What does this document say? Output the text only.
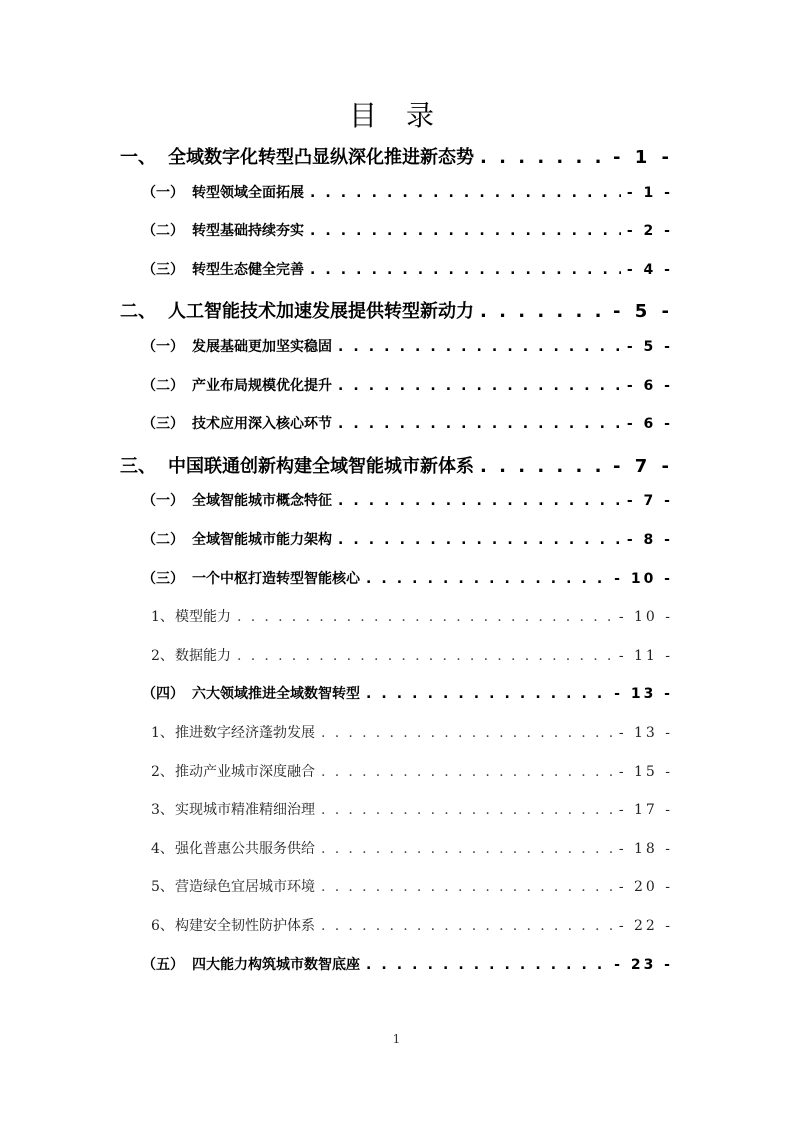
目 录
一、 全域数字化转型凸显纵深化推进新态势 . . .	- 1 -
（一） 转型领域全面拓展 . . .	- 1 -
（二） 转型基础持续夯实 . . .	- 2 -
（三） 转型生态健全完善 . . .	- 4 -
二、 人工智能技术加速发展提供转型新动力 . . .	- 5 -
（一） 发展基础更加坚实稳固 . . .	- 5 -
（二） 产业布局规模优化提升 . . .	- 6 -
（三） 技术应用深入核心环节 . . .	- 6 -
三、 中国联通创新构建全域智能城市新体系 . . .	- 7 -
（一） 全域智能城市概念特征 . . .	- 7 -
（二） 全域智能城市能力架构 . . .	- 8 -
（三） 一个中枢打造转型智能核心 . . .	- 10 -
1、 模型能力 . . .	- 10 -
2、 数据能力 . . .	- 11 -
（四） 六大领域推进全域数智转型 . . .	- 13 -
1、 推进数字经济蓬勃发展 . . .	- 13 -
2、 推动产业城市深度融合 . . .	- 15 -
3、 实现城市精准精细治理 . . .	- 17 -
4、 强化普惠公共服务供给 . . .	- 18 -
5、 营造绿色宜居城市环境 . . .	- 20 -
6、 构建安全韧性防护体系 . . .	- 22 -
（五） 四大能力构筑城市数智底座 . . .	- 23 -
1
